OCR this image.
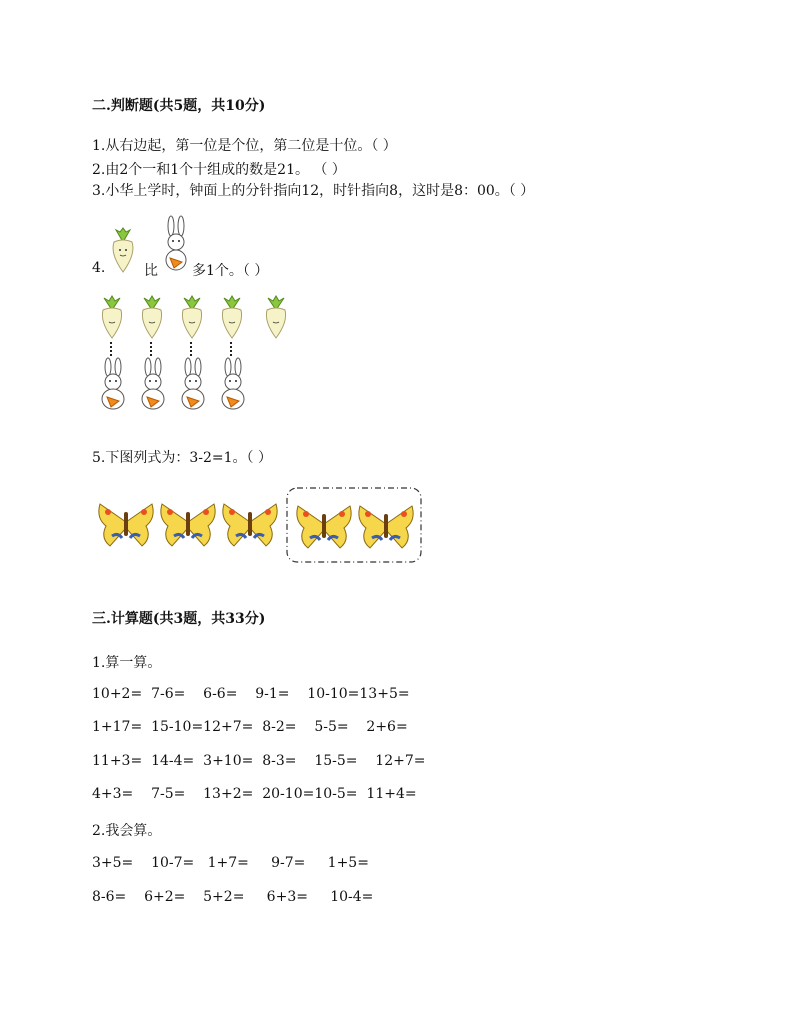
二.判断题(共5题，共10分)
1.从右边起，第一位是个位，第二位是十位。（ ）
2.由2个一和1个十组成的数是21。 （ ）
3.小华上学时，钟面上的分针指向12，时针指向8，这时是8：00。（ ）
4.	比 多1个。（ ）
5.下图列式为：3-2=1。（ ）
三.计算题(共3题，共33分)
1.算一算。
10+2=  7-6=    6-6=    9-1=    10-10=13+5=
1+17=  15-10=12+7=  8-2=    5-5=    2+6=
11+3=  14-4=  3+10=  8-3=    15-5=    12+7=
4+3=    7-5=    13+2=  20-10=10-5=  11+4=
2.我会算。
3+5=    10-7=   1+7=     9-7=     1+5=
8-6=    6+2=    5+2=     6+3=     10-4=
